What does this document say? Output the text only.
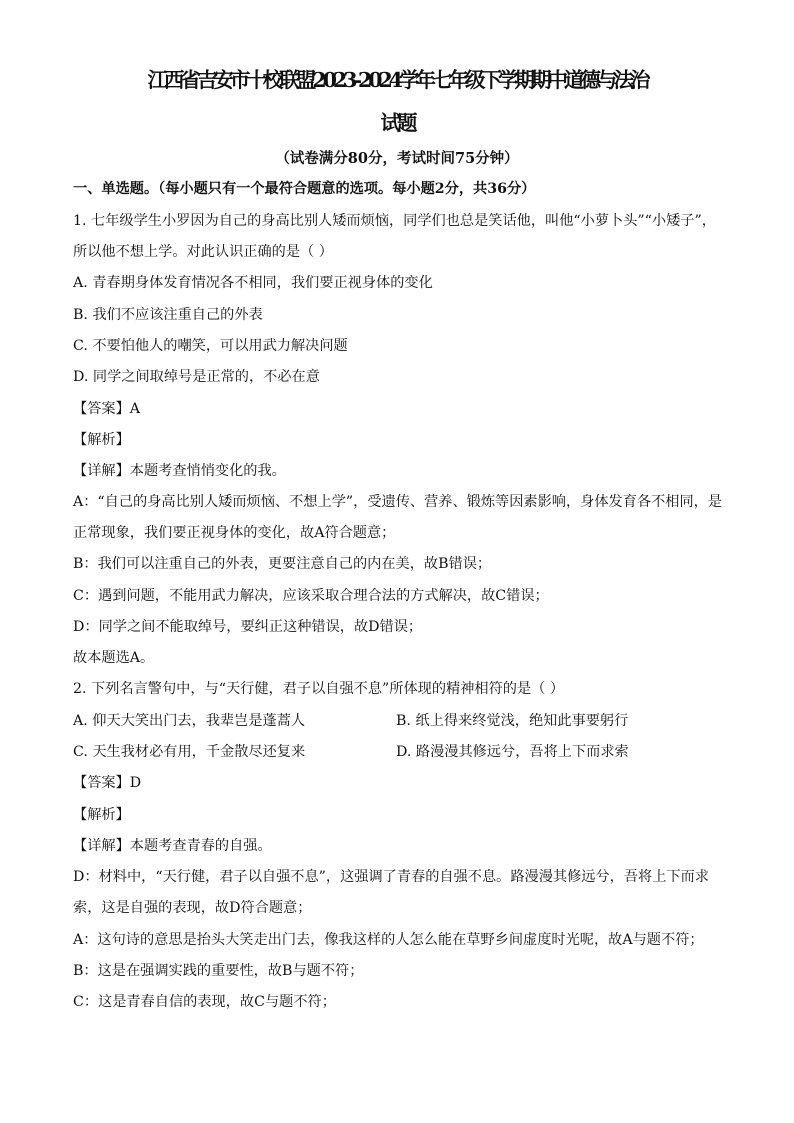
江西省吉安市十校联盟2023-2024学年七年级下学期期中道德与法治
试题
（试卷满分80分，考试时间75分钟）
一、单选题。（每小题只有一个最符合题意的选项。每小题2分，共36分）
1. 七年级学生小罗因为自己的身高比别人矮而烦恼，同学们也总是笑话他，叫他“小萝卜头”“小矮子”，
所以他不想上学。对此认识正确的是（ ）
A. 青春期身体发育情况各不相同，我们要正视身体的变化
B. 我们不应该注重自己的外表
C. 不要怕他人的嘲笑，可以用武力解决问题
D. 同学之间取绰号是正常的，不必在意
【答案】A
【解析】
【详解】本题考查悄悄变化的我。
A：“自己的身高比别人矮而烦恼、不想上学”，受遗传、营养、锻炼等因素影响，身体发育各不相同，是
正常现象，我们要正视身体的变化，故A符合题意；
B：我们可以注重自己的外表，更要注意自己的内在美，故B错误；
C：遇到问题，不能用武力解决，应该采取合理合法的方式解决，故C错误；
D：同学之间不能取绰号，要纠正这种错误，故D错误；
故本题选A。
2. 下列名言警句中，与“天行健，君子以自强不息”所体现的精神相符的是（ ）
A. 仰天大笑出门去，我辈岂是蓬蒿人	B. 纸上得来终觉浅，绝知此事要躬行
C. 天生我材必有用，千金散尽还复来	D. 路漫漫其修远兮，吾将上下而求索
【答案】D
【解析】
【详解】本题考查青春的自强。
D：材料中，“天行健，君子以自强不息”，这强调了青春的自强不息。路漫漫其修远兮，吾将上下而求
索，这是自强的表现，故D符合题意；
A：这句诗的意思是抬头大笑走出门去，像我这样的人怎么能在草野乡间虚度时光呢，故A与题不符；
B：这是在强调实践的重要性，故B与题不符；
C：这是青春自信的表现，故C与题不符；
